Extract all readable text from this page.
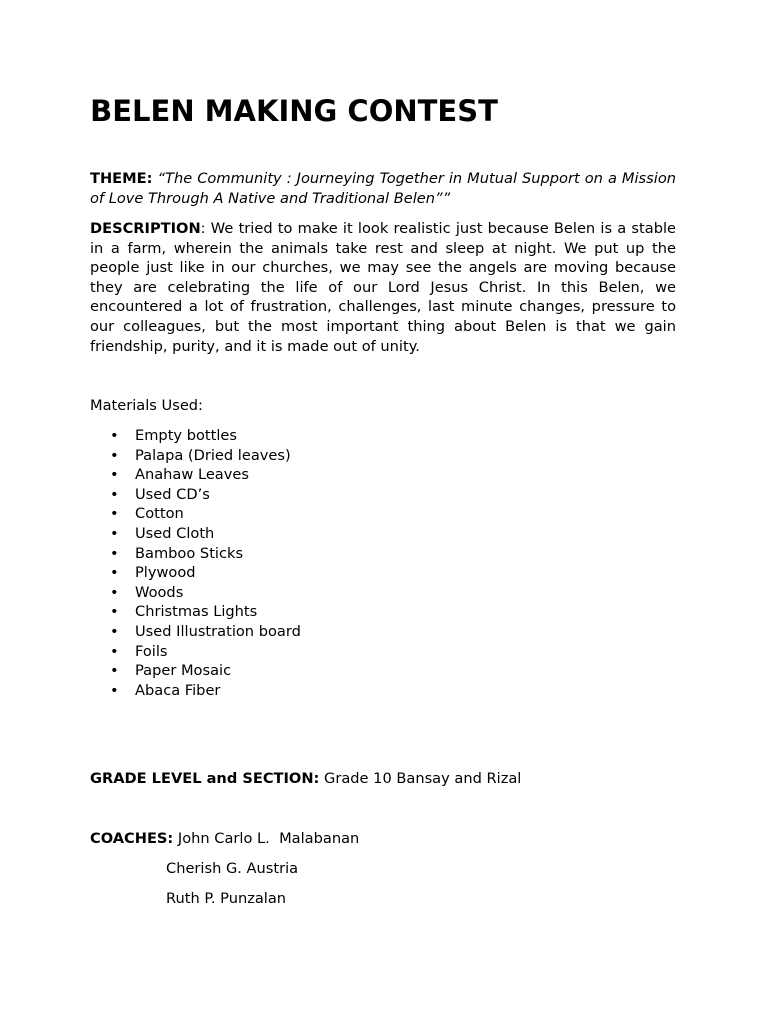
BELEN MAKING CONTEST

THEME: “The Community : Journeying Together in Mutual Support on a Mission of Love Through A Native and Traditional Belen””

DESCRIPTION: We tried to make it look realistic just because Belen is a stable in a farm, wherein the animals take rest and sleep at night. We put up the people just like in our churches, we may see the angels are moving because they are celebrating the life of our Lord Jesus Christ. In this Belen, we encountered a lot of frustration, challenges, last minute changes, pressure to our colleagues, but the most important thing about Belen is that we gain friendship, purity, and it is made out of unity.

Materials Used:

• Empty bottles
• Palapa (Dried leaves)
• Anahaw Leaves
• Used CD’s
• Cotton
• Used Cloth
• Bamboo Sticks
• Plywood
• Woods
• Christmas Lights
• Used Illustration board
• Foils
• Paper Mosaic
• Abaca Fiber

GRADE LEVEL and SECTION: Grade 10 Bansay and Rizal

COACHES: John Carlo L.  Malabanan

Cherish G. Austria

Ruth P. Punzalan
